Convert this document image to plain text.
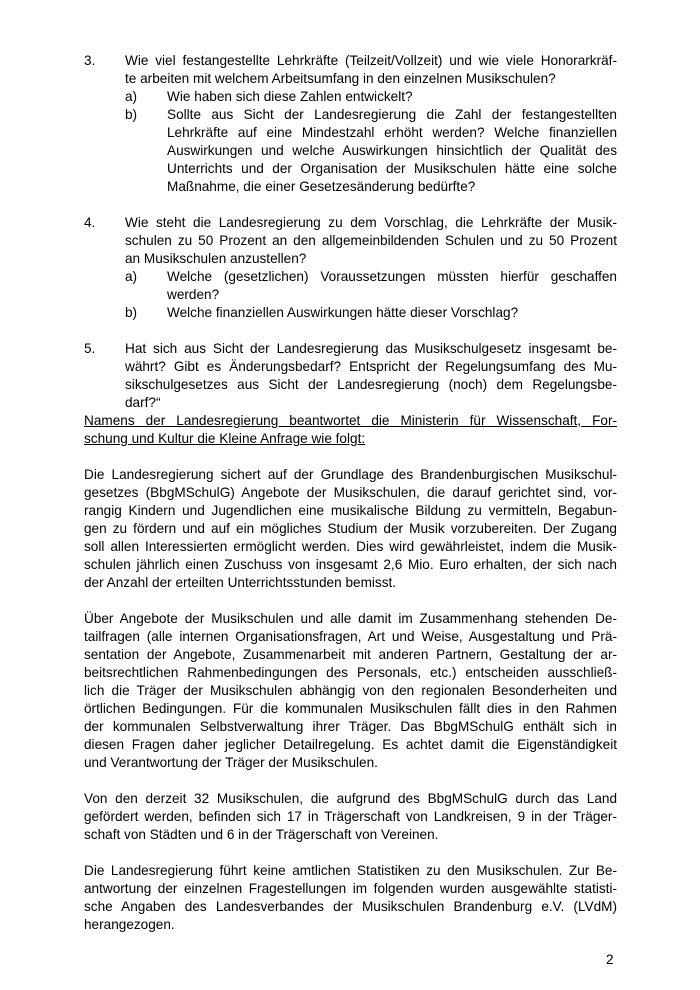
3. Wie viel festangestellte Lehrkräfte (Teilzeit/Vollzeit) und wie viele Honorarkräf-
te arbeiten mit welchem Arbeitsumfang in den einzelnen Musikschulen?
a) Wie haben sich diese Zahlen entwickelt?
b) Sollte aus Sicht der Landesregierung die Zahl der festangestellten
Lehrkräfte auf eine Mindestzahl erhöht werden? Welche finanziellen
Auswirkungen und welche Auswirkungen hinsichtlich der Qualität des
Unterrichts und der Organisation der Musikschulen hätte eine solche
Maßnahme, die einer Gesetzesänderung bedürfte?
4. Wie steht die Landesregierung zu dem Vorschlag, die Lehrkräfte der Musik-
schulen zu 50 Prozent an den allgemeinbildenden Schulen und zu 50 Prozent
an Musikschulen anzustellen?
a) Welche (gesetzlichen) Voraussetzungen müssten hierfür geschaffen
werden?
b) Welche finanziellen Auswirkungen hätte dieser Vorschlag?
5. Hat sich aus Sicht der Landesregierung das Musikschulgesetz insgesamt be-
währt? Gibt es Änderungsbedarf? Entspricht der Regelungsumfang des Mu-
sikschulgesetzes aus Sicht der Landesregierung (noch) dem Regelungsbe-
darf?“
Namens der Landesregierung beantwortet die Ministerin für Wissenschaft, For-
schung und Kultur die Kleine Anfrage wie folgt:
Die Landesregierung sichert auf der Grundlage des Brandenburgischen Musikschul-
gesetzes (BbgMSchulG) Angebote der Musikschulen, die darauf gerichtet sind, vor-
rangig Kindern und Jugendlichen eine musikalische Bildung zu vermitteln, Begabun-
gen zu fördern und auf ein mögliches Studium der Musik vorzubereiten. Der Zugang
soll allen Interessierten ermöglicht werden. Dies wird gewährleistet, indem die Musik-
schulen jährlich einen Zuschuss von insgesamt 2,6 Mio. Euro erhalten, der sich nach
der Anzahl der erteilten Unterrichtsstunden bemisst.
Über Angebote der Musikschulen und alle damit im Zusammenhang stehenden De-
tailfragen (alle internen Organisationsfragen, Art und Weise, Ausgestaltung und Prä-
sentation der Angebote, Zusammenarbeit mit anderen Partnern, Gestaltung der ar-
beitsrechtlichen Rahmenbedingungen des Personals, etc.) entscheiden ausschließ-
lich die Träger der Musikschulen abhängig von den regionalen Besonderheiten und
örtlichen Bedingungen. Für die kommunalen Musikschulen fällt dies in den Rahmen
der kommunalen Selbstverwaltung ihrer Träger. Das BbgMSchulG enthält sich in
diesen Fragen daher jeglicher Detailregelung. Es achtet damit die Eigenständigkeit
und Verantwortung der Träger der Musikschulen.
Von den derzeit 32 Musikschulen, die aufgrund des BbgMSchulG durch das Land
gefördert werden, befinden sich 17 in Trägerschaft von Landkreisen, 9 in der Träger-
schaft von Städten und 6 in der Trägerschaft von Vereinen.
Die Landesregierung führt keine amtlichen Statistiken zu den Musikschulen. Zur Be-
antwortung der einzelnen Fragestellungen im folgenden wurden ausgewählte statisti-
sche Angaben des Landesverbandes der Musikschulen Brandenburg e.V. (LVdM)
herangezogen.
2
